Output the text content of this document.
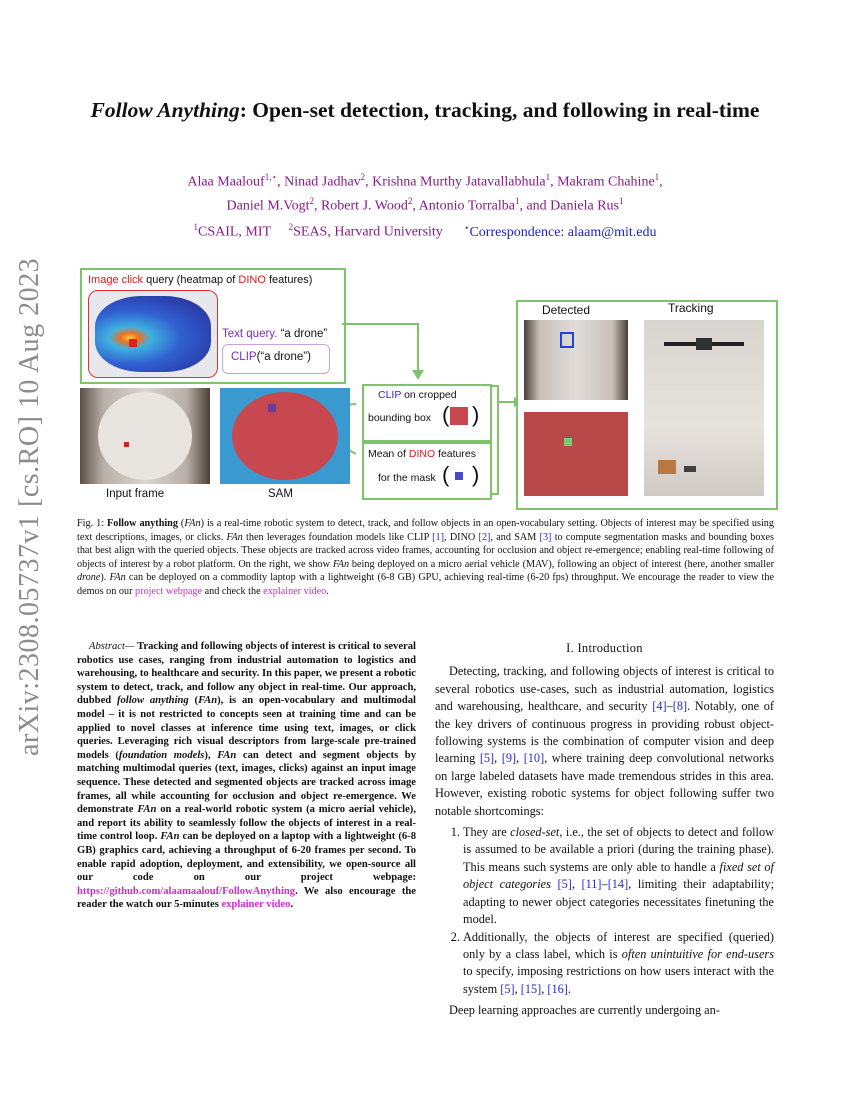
arXiv:2308.05737v1 [cs.RO] 10 Aug 2023
Follow Anything: Open-set detection, tracking, and following in real-time
Alaa Maalouf$^{1,⋆}$, Ninad Jadhav$^2$, Krishna Murthy Jatavallabhula$^1$, Makram Chahine$^1$,
Daniel M.Vogt$^2$, Robert J. Wood$^2$, Antonio Torralba$^1$, and Daniela Rus$^1$
$^1$CSAIL, MIT $^2$SEAS, Harvard University ⋆Correspondence: alaam@mit.edu
Image click query (heatmap of DINO features)
Text query. “a drone”
CLIP(“a drone”)
Input frame	SAM
CLIP on cropped
bounding box ( )
Mean of DINO features
for the mask ( )
Detected	Tracking
Fig. 1: Follow anything (FAn) is a real-time robotic system to detect, track, and follow objects in an open-vocabulary setting. Objects of interest may be specified using text descriptions, images, or clicks. FAn then leverages foundation models like CLIP [1], DINO [2], and SAM [3] to compute segmentation masks and bounding boxes that best align with the queried objects. These objects are tracked across video frames, accounting for occlusion and object re-emergence; enabling real-time following of objects of interest by a robot platform. On the right, we show FAn being deployed on a micro aerial vehicle (MAV), following an object of interest (here, another smaller drone). FAn can be deployed on a commodity laptop with a lightweight (6-8 GB) GPU, achieving real-time (6-20 fps) throughput. We encourage the reader to view the demos on our project webpage and check the explainer video.
Abstract— Tracking and following objects of interest is critical to several robotics use cases, ranging from industrial automation to logistics and warehousing, to healthcare and security. In this paper, we present a robotic system to detect, track, and follow any object in real-time. Our approach, dubbed follow anything (FAn), is an open-vocabulary and multimodal model – it is not restricted to concepts seen at training time and can be applied to novel classes at inference time using text, images, or click queries. Leveraging rich visual descriptors from large-scale pre-trained models (foundation models), FAn can detect and segment objects by matching multimodal queries (text, images, clicks) against an input image sequence. These detected and segmented objects are tracked across image frames, all while accounting for occlusion and object re-emergence. We demonstrate FAn on a real-world robotic system (a micro aerial vehicle), and report its ability to seamlessly follow the objects of interest in a real-time control loop. FAn can be deployed on a laptop with a lightweight (6-8 GB) graphics card, achieving a throughput of 6-20 frames per second. To enable rapid adoption, deployment, and extensibility, we open-source all our code on our project webpage: https://github.com/alaamaalouf/FollowAnything. We also encourage the reader the watch our 5-minutes explainer video.
I. Introduction

Detecting, tracking, and following objects of interest is critical to several robotics use-cases, such as industrial automation, logistics and warehousing, healthcare, and security [4]–[8]. Notably, one of the key drivers of continuous progress in providing robust object-following systems is the combination of computer vision and deep learning [5], [9], [10], where training deep convolutional networks on large labeled datasets have made tremendous strides in this area. However, existing robotic systems for object following suffer two notable shortcomings:

1. They are closed-set, i.e., the set of objects to detect and follow is assumed to be available a priori (during the training phase). This means such systems are only able to handle a fixed set of object categories [5], [11]–[14], limiting their adaptability; adapting to newer object categories necessitates finetuning the model.
2. Additionally, the objects of interest are specified (queried) only by a class label, which is often unintuitive for end-users to specify, imposing restrictions on how users interact with the system [5], [15], [16].

Deep learning approaches are currently undergoing an-
